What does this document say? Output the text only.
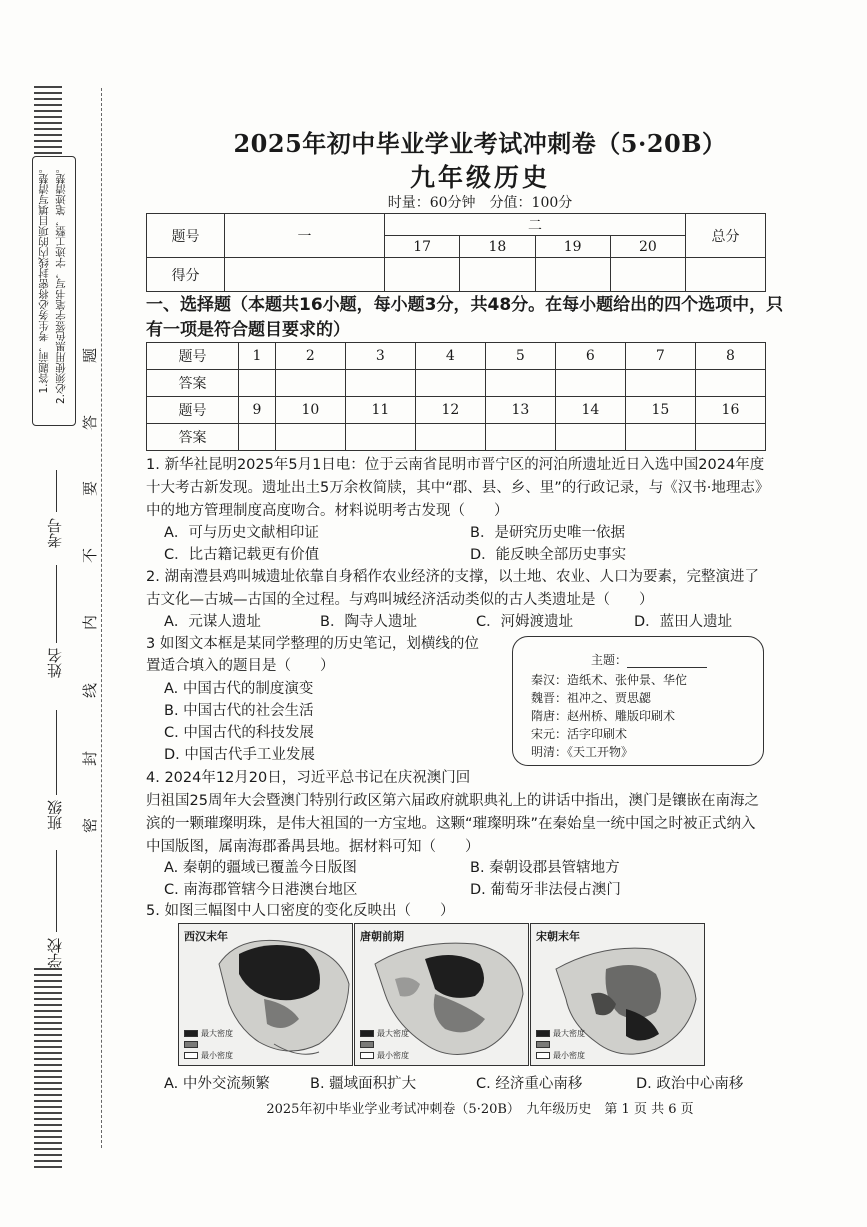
1.答题前，考生务必将密封线内的项目填写清楚。 2.必须使用黑色签字笔书写，字迹工整，笔迹清楚。
考号
姓名
班级
学校
题
答
要
不
内
线
封
密
2025年初中毕业学业考试冲刺卷（5·20B）
九年级历史
时量：60分钟　分值：100分
题号	一	二				总分
		17	18	19	20	
得分						
一、选择题（本题共16小题，每小题3分，共48分。在每小题给出的四个选项中，只有一项是符合题目要求的）
题号	1	2	3	4	5	6	7	8
答案								
题号	9	10	11	12	13	14	15	16
答案								
1. 新华社昆明2025年5月1日电：位于云南省昆明市晋宁区的河泊所遗址近日入选中国2024年度十大考古新发现。遗址出土5万余枚简牍，其中“郡、县、乡、里”的行政记录，与《汉书·地理志》中的地方管理制度高度吻合。材料说明考古发现（　　）
A．可与历史文献相印证	B．是研究历史唯一依据
C．比古籍记载更有价值	D．能反映全部历史事实
2. 湖南澧县鸡叫城遗址依靠自身稻作农业经济的支撑，以土地、农业、人口为要素，完整演进了古文化—古城—古国的全过程。与鸡叫城经济活动类似的古人类遗址是（　　）
A．元谋人遗址	B．陶寺人遗址	C．河姆渡遗址	D．蓝田人遗址
3 如图文本框是某同学整理的历史笔记，划横线的位
置适合填入的题目是（　　）
A. 中国古代的制度演变
B. 中国古代的社会生活
C. 中国古代的科技发展
D. 中国古代手工业发展
主题：
秦汉：造纸术、张仲景、华佗
魏晋：祖冲之、贾思勰
隋唐：赵州桥、雕版印刷术
宋元：活字印刷术
明清：《天工开物》
4. 2024年12月20日，习近平总书记在庆祝澳门回
归祖国25周年大会暨澳门特别行政区第六届政府就职典礼上的讲话中指出，澳门是镶嵌在南海之滨的一颗璀璨明珠，是伟大祖国的一方宝地。这颗“璀璨明珠”在秦始皇一统中国之时被正式纳入中国版图，属南海郡番禺县地。据材料可知（　　）
A. 秦朝的疆域已覆盖今日版图	B. 秦朝设郡县管辖地方
C. 南海郡管辖今日港澳台地区	D. 葡萄牙非法侵占澳门
5. 如图三幅图中人口密度的变化反映出（　　）
西汉末年
最大密度
最小密度
唐朝前期
最大密度
最小密度
宋朝末年
最大密度
最小密度
A. 中外交流频繁	B. 疆域面积扩大	C. 经济重心南移	D. 政治中心南移
2025年初中毕业学业考试冲刺卷（5·20B）　九年级历史　第 1 页 共 6 页
